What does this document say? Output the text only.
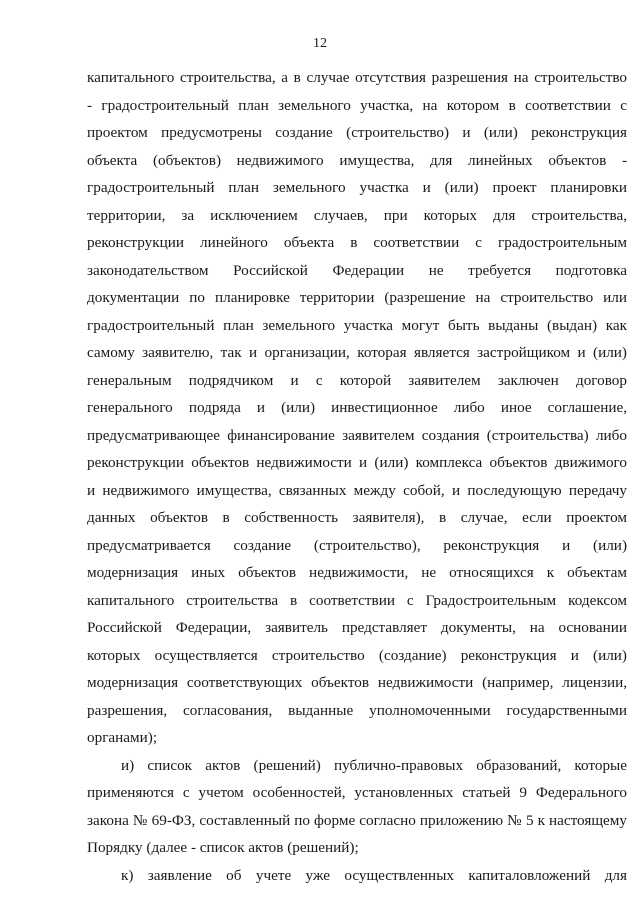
12
капитального строительства, а в случае отсутствия разрешения на строительство
- градостроительный план земельного участка, на котором в соответствии с
проектом предусмотрены создание (строительство) и (или) реконструкция
объекта (объектов) недвижимого имущества, для линейных объектов -
градостроительный план земельного участка и (или) проект планировки
территории, за исключением случаев, при которых для строительства,
реконструкции линейного объекта в соответствии с градостроительным
законодательством Российской Федерации не требуется подготовка
документации по планировке территории (разрешение на строительство или
градостроительный план земельного участка могут быть выданы (выдан) как
самому заявителю, так и организации, которая является застройщиком и (или)
генеральным подрядчиком и с которой заявителем заключен договор
генерального подряда и (или) инвестиционное либо иное соглашение,
предусматривающее финансирование заявителем создания (строительства) либо
реконструкции объектов недвижимости и (или) комплекса объектов движимого
и недвижимого имущества, связанных между собой, и последующую передачу
данных объектов в собственность заявителя), в случае, если проектом
предусматривается создание (строительство), реконструкция и (или)
модернизация иных объектов недвижимости, не относящихся к объектам
капитального строительства в соответствии с Градостроительным кодексом
Российской Федерации, заявитель представляет документы, на основании
которых осуществляется строительство (создание) реконструкция и (или)
модернизация соответствующих объектов недвижимости (например, лицензии,
разрешения, согласования, выданные уполномоченными государственными
органами);
и) список актов (решений) публично-правовых образований, которые
применяются с учетом особенностей, установленных статьей 9 Федерального
закона № 69-ФЗ, составленный по форме согласно приложению № 5 к настоящему
Порядку (далее - список актов (решений);
к) заявление об учете уже осуществленных капиталовложений для
